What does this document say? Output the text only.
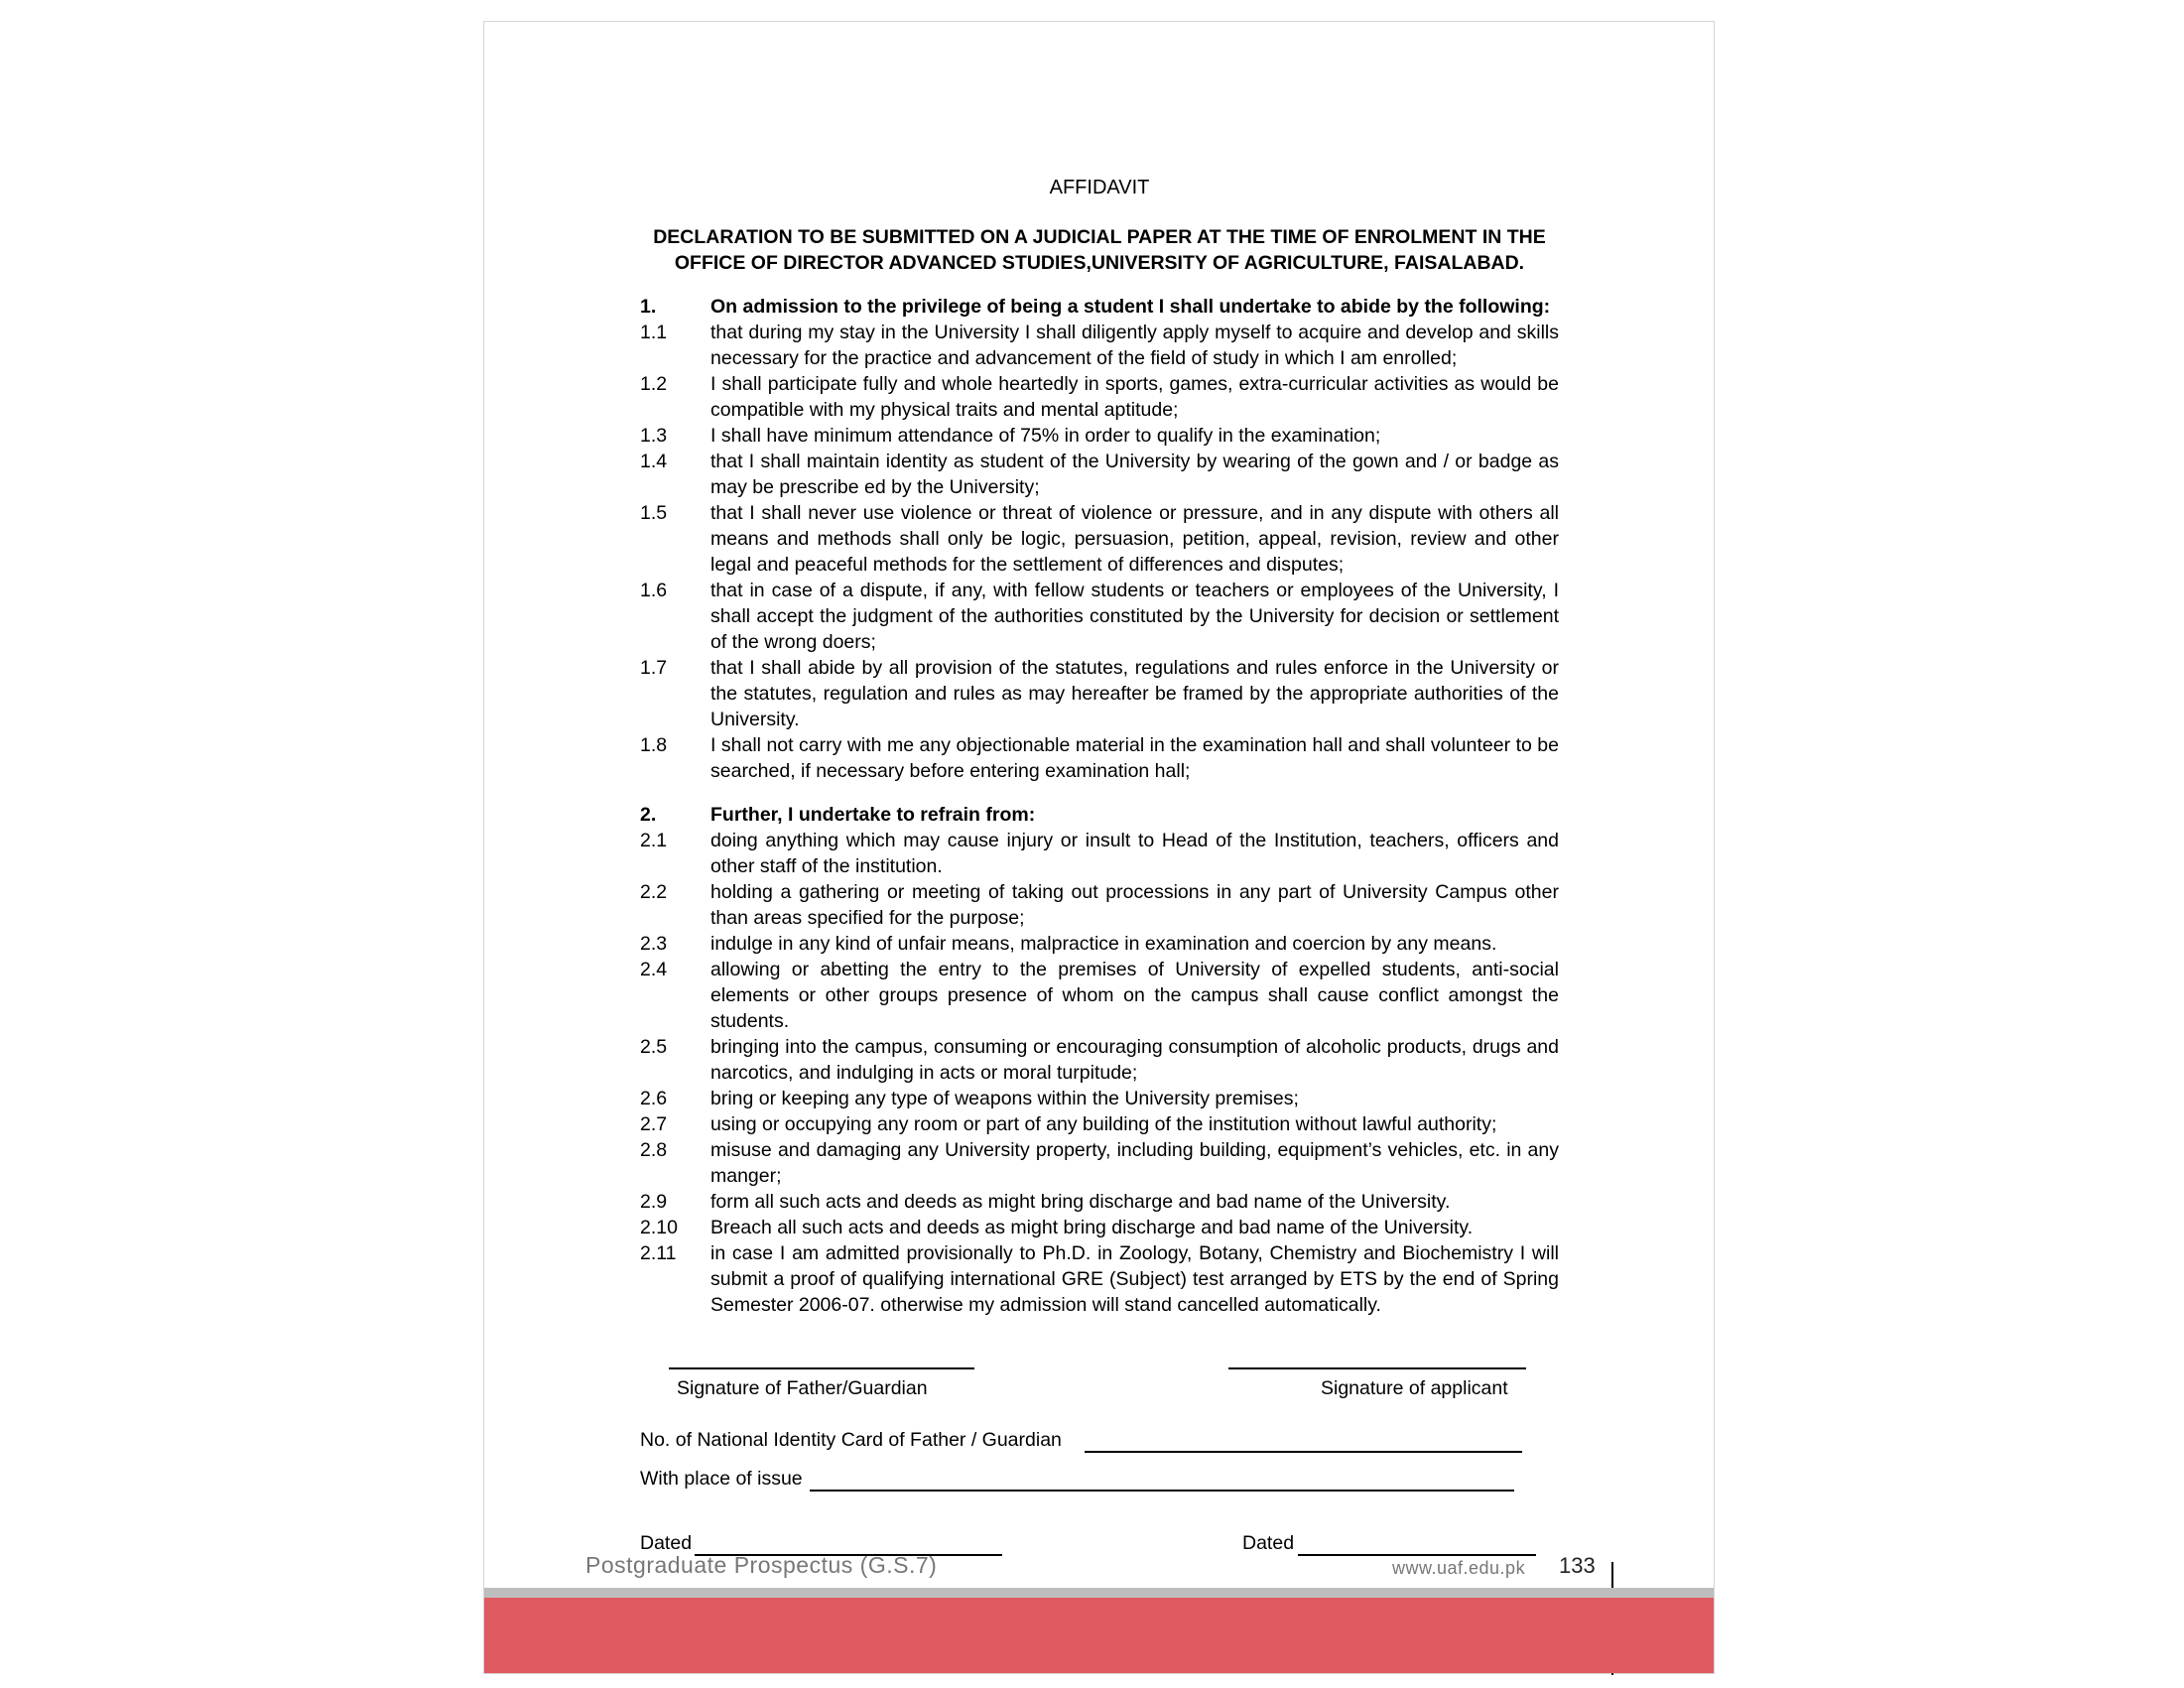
AFFIDAVIT
DECLARATION TO BE SUBMITTED ON A JUDICIAL PAPER AT THE TIME OF ENROLMENT IN THE
OFFICE OF DIRECTOR ADVANCED STUDIES,UNIVERSITY OF AGRICULTURE, FAISALABAD.
1.	On admission to the privilege of being a student I shall undertake to abide by the following:
1.1	that during my stay in the University I shall diligently apply myself to acquire and develop and skills necessary for the practice and advancement of the field of study in which I am enrolled;
1.2	I shall participate fully and whole heartedly in sports, games, extra-curricular activities as would be compatible with my physical traits and mental aptitude;
1.3	I shall have minimum attendance of 75% in order to qualify in the examination;
1.4	that I shall maintain identity as student of the University by wearing of the gown and / or badge as may be prescribe ed by the University;
1.5	that I shall never use violence or threat of violence or pressure, and in any dispute with others all means and methods shall only be logic, persuasion, petition, appeal, revision, review and other legal and peaceful methods for the settlement of differences and disputes;
1.6	that in case of a dispute, if any, with fellow students or teachers or employees of the University, I shall accept the judgment of the authorities constituted by the University for decision or settlement of the wrong doers;
1.7	that I shall abide by all provision of the statutes, regulations and rules enforce in the University or the statutes, regulation and rules as may hereafter be framed by the appropriate authorities of the University.
1.8	I shall not carry with me any objectionable material in the examination hall and shall volunteer to be searched, if necessary before entering examination hall;
2.	Further, I undertake to refrain from:
2.1	doing anything which may cause injury or insult to Head of the Institution, teachers, officers and other staff of the institution.
2.2	holding a gathering or meeting of taking out processions in any part of University Campus other than areas specified for the purpose;
2.3	indulge in any kind of unfair means, malpractice in examination and coercion by any means.
2.4	allowing or abetting the entry to the premises of University of expelled students, anti-social elements or other groups presence of whom on the campus shall cause conflict amongst the students.
2.5	bringing into the campus, consuming or encouraging consumption of alcoholic products, drugs and narcotics, and indulging in acts or moral turpitude;
2.6	bring or keeping any type of weapons within the University premises;
2.7	using or occupying any room or part of any building of the institution without lawful authority;
2.8	misuse and damaging any University property, including building, equipment’s vehicles, etc. in any manger;
2.9	form all such acts and deeds as might bring discharge and bad name of the University.
2.10	Breach all such acts and deeds as might bring discharge and bad name of the University.
2.11	in case I am admitted provisionally to Ph.D. in Zoology, Botany, Chemistry and Biochemistry I will submit a proof of qualifying international GRE (Subject) test arranged by ETS by the end of Spring Semester 2006-07. otherwise my admission will stand cancelled automatically.
Signature of Father/Guardian	Signature of applicant
No. of National Identity Card of Father / Guardian
With place of issue
Dated	Dated
Postgraduate Prospectus (G.S.7)	www.uaf.edu.pk 133
